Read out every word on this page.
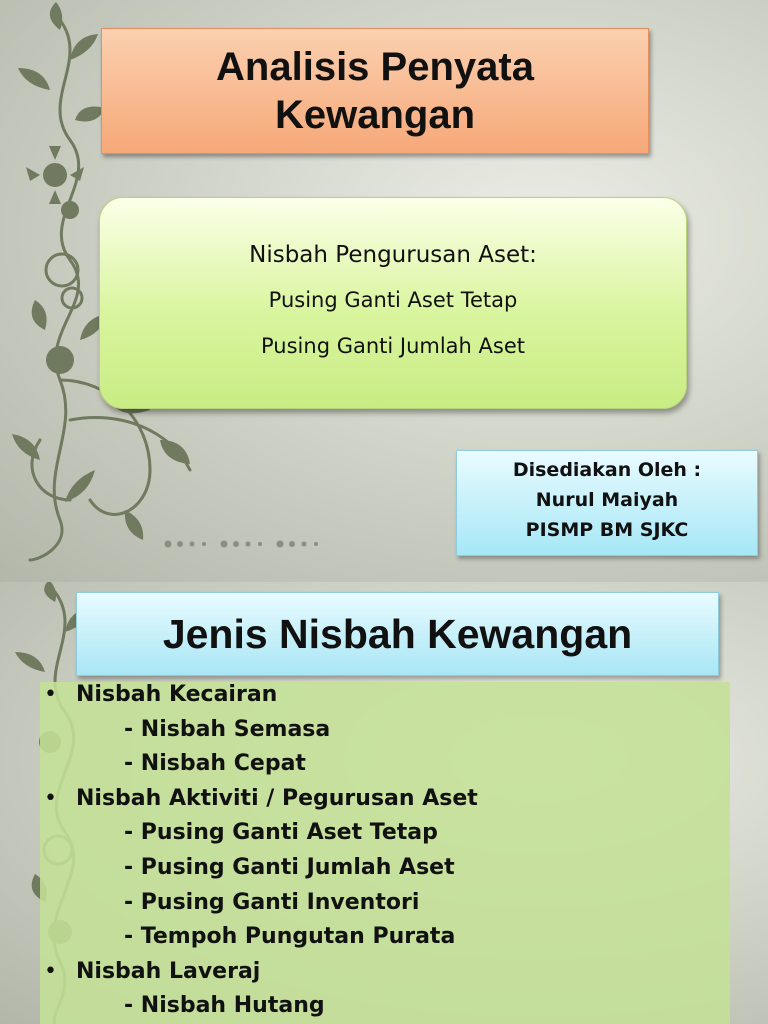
Analisis Penyata
Kewangan
Nisbah Pengurusan Aset:
Pusing Ganti Aset Tetap
Pusing Ganti Jumlah Aset
Disediakan Oleh :
Nurul Maiyah
PISMP BM SJKC
Jenis Nisbah Kewangan
• Nisbah Kecairan
- Nisbah Semasa
- Nisbah Cepat
• Nisbah Aktiviti / Pegurusan Aset
- Pusing Ganti Aset Tetap
- Pusing Ganti Jumlah Aset
- Pusing Ganti Inventori
- Tempoh Pungutan Purata
• Nisbah Laveraj
- Nisbah Hutang
